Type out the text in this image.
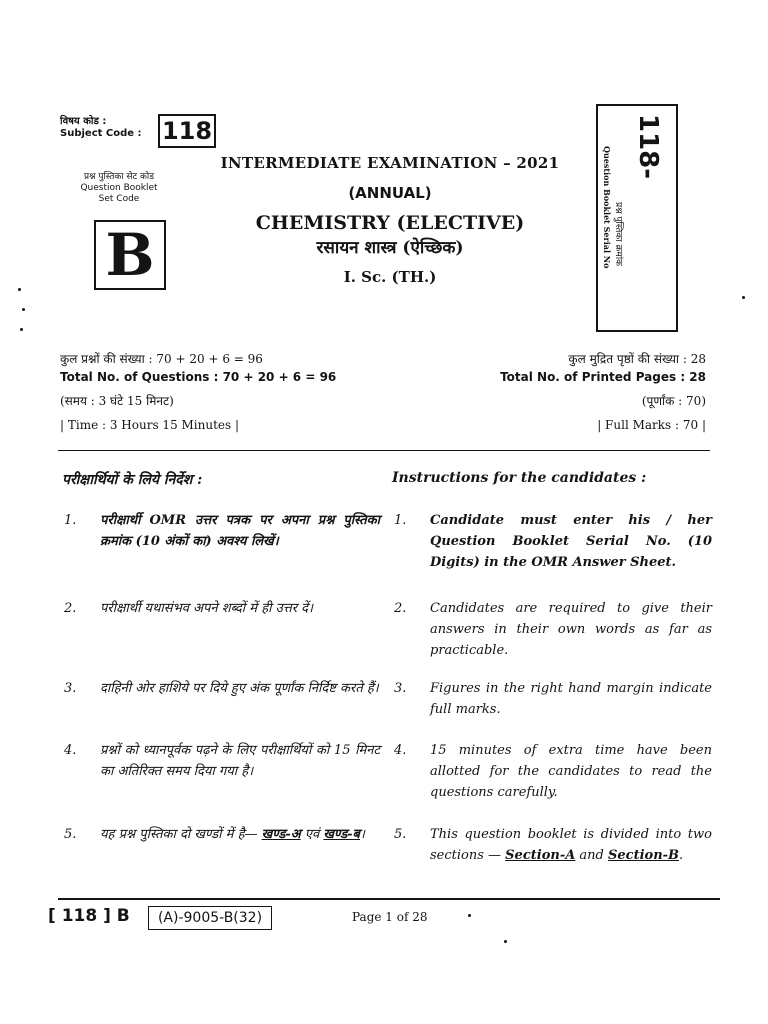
विषय कोड :
Subject Code : 118
प्रश्न पुस्तिका सेट कोड
Question Booklet
Set Code
B
INTERMEDIATE EXAMINATION – 2021
(ANNUAL)
CHEMISTRY (ELECTIVE)
रसायन शास्त्र (ऐच्छिक)
I. Sc. (TH.)
118-
प्रश्न पुस्तिका क्रमांक
Question Booklet Serial No
कुल प्रश्नों की संख्या : 70 + 20 + 6 = 96
Total No. of Questions : 70 + 20 + 6 = 96
(समय : 3 घंटे 15 मिनट)
| Time : 3 Hours 15 Minutes |
कुल मुद्रित पृष्ठों की संख्या : 28
Total No. of Printed Pages : 28
(पूर्णांक : 70)
| Full Marks : 70 |
परीक्षार्थियों के लिये निर्देश :	Instructions for the candidates :
1. परीक्षार्थी OMR उत्तर पत्रक पर अपना प्रश्न पुस्तिका क्रमांक (10 अंकों का) अवश्य लिखें।
1. Candidate must enter his / her Question Booklet Serial No. (10 Digits) in the OMR Answer Sheet.
2. परीक्षार्थी यथासंभव अपने शब्दों में ही उत्तर दें।	2. Candidates are required to give their answers in their own words as far as practicable.
3. दाहिनी ओर हाशिये पर दिये हुए अंक पूर्णांक निर्दिष्ट करते हैं। 3. Figures in the right hand margin indicate full marks.
4. प्रश्नों को ध्यानपूर्वक पढ़ने के लिए परीक्षार्थियों को 15 मिनट का अतिरिक्त समय दिया गया है।
4. 15 minutes of extra time have been allotted for the candidates to read the questions carefully.
5. यह प्रश्न पुस्तिका दो खण्डों में है— खण्ड-अ एवं खण्ड-ब।	5. This question booklet is divided into two sections — Section-A and Section-B.
[ 118 ] B	(A)-9005-B(32)	Page 1 of 28
